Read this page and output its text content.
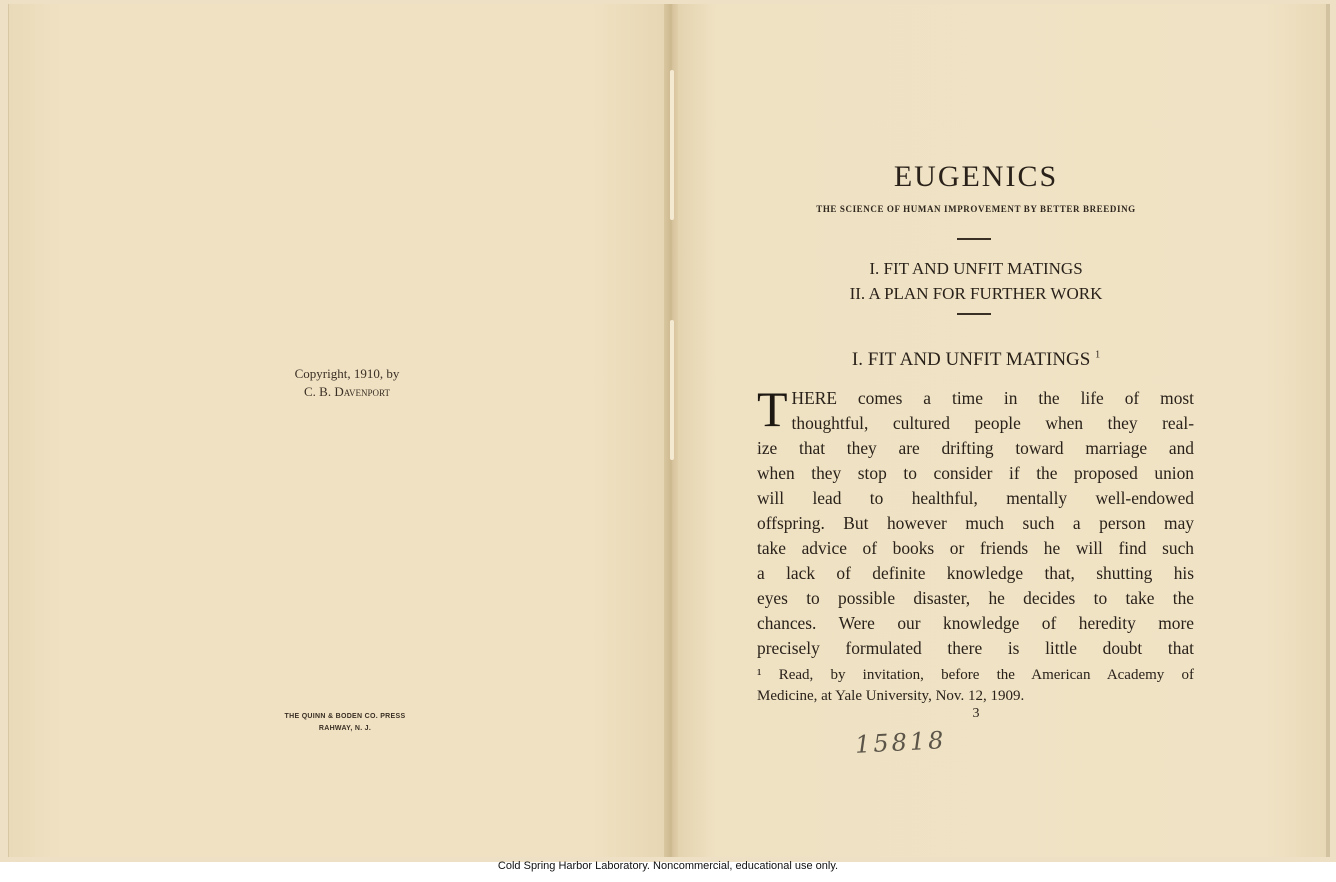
Copyright, 1910, by
C. B. Davenport
THE QUINN & BODEN CO. PRESS
RAHWAY, N. J.
EUGENICS
THE SCIENCE OF HUMAN IMPROVEMENT BY BETTER BREEDING
I. FIT AND UNFIT MATINGS
II. A PLAN FOR FURTHER WORK
I. FIT AND UNFIT MATINGS $^1$
T HERE comes a time in the life of most
thoughtful, cultured people when they real-
ize that they are drifting toward marriage and
when they stop to consider if the proposed union
will lead to healthful, mentally well-endowed
offspring. But however much such a person may
take advice of books or friends he will find such
a lack of definite knowledge that, shutting his
eyes to possible disaster, he decides to take the
chances. Were our knowledge of heredity more
precisely formulated there is little doubt that
¹ Read, by invitation, before the American Academy of
Medicine, at Yale University, Nov. 12, 1909.
3
15818
Cold Spring Harbor Laboratory. Noncommercial, educational use only.
